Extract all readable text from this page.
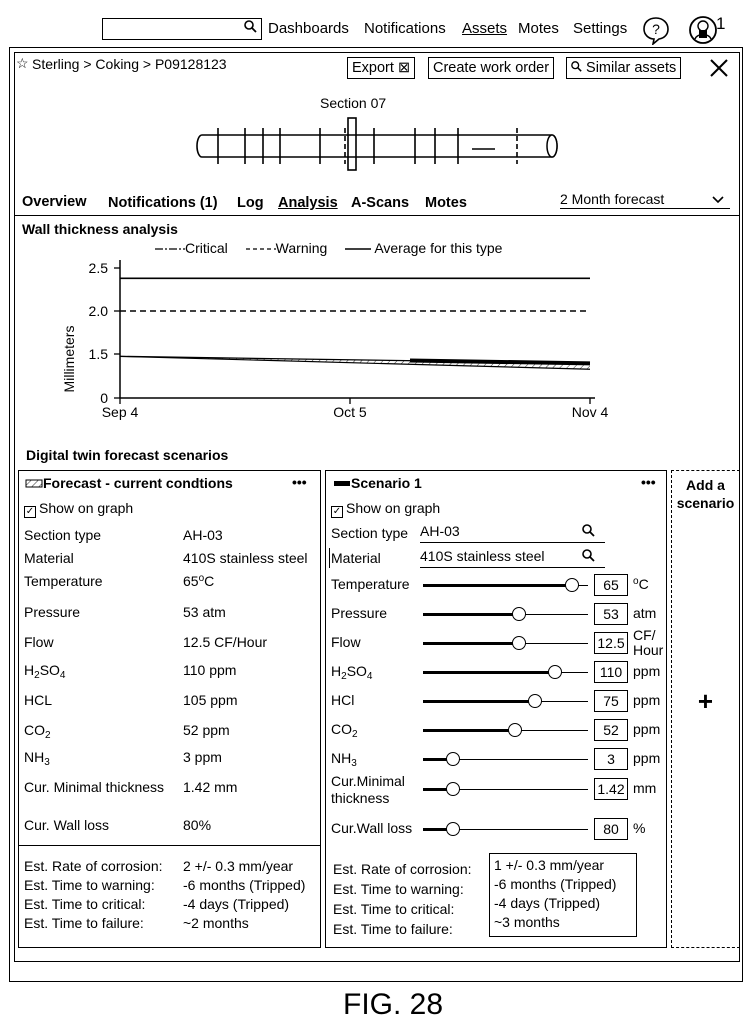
Dashboards Notifications Assets Motes Settings ?	1
☆ Sterling > Coking > P09128123	Export ⊠	Create work order	Similar assets
Section 07
Overview Notifications (1) Log Analysis A-Scans Motes	2 Month forecast
Wall thickness analysis
Critical	Warning	Average for this type
Millimeters
2.5
2.0
1.5
0
Sep 4	Oct 5	Nov 4
Digital twin forecast scenarios
Forecast - current condtions	•••
✓ Show on graph
Section type	AH-03
Material	410S stainless steel
Temperature	65$^o$C
Pressure	53 atm
Flow	12.5 CF/Hour
$H_2SO_4$	110 ppm
HCL	105 ppm
$CO_2$	52 ppm
$NH_3$	3 ppm
Cur. Minimal thickness 1.42 mm
Cur. Wall loss	80%
Est. Rate of corrosion: 2 +/- 0.3 mm/year
Est. Time to warning: -6 months (Tripped)
Est. Time to critical:	-4 days (Tripped)
Est. Time to failure:	~2 months
Scenario 1	•••
✓ Show on graph
Section type AH-03
Material	410S stainless steel
Temperature	65	$^o$C
Pressure	53	atm
Flow	12.5 CF/ Hour
$H_2SO_4$	110 ppm
HCl	75	ppm
$CO_2$	52	ppm
$NH_3$	3	ppm
Cur.Minimal thickness
1.42 mm
Cur.Wall loss	80	%
Est. Rate of corrosion: 1 +/- 0.3 mm/year
Est. Time to warning: -6 months (Tripped)
Est. Time to critical:	-4 days (Tripped)
Est. Time to failure:	~3 months
Add a scenario
+
FIG. 28
